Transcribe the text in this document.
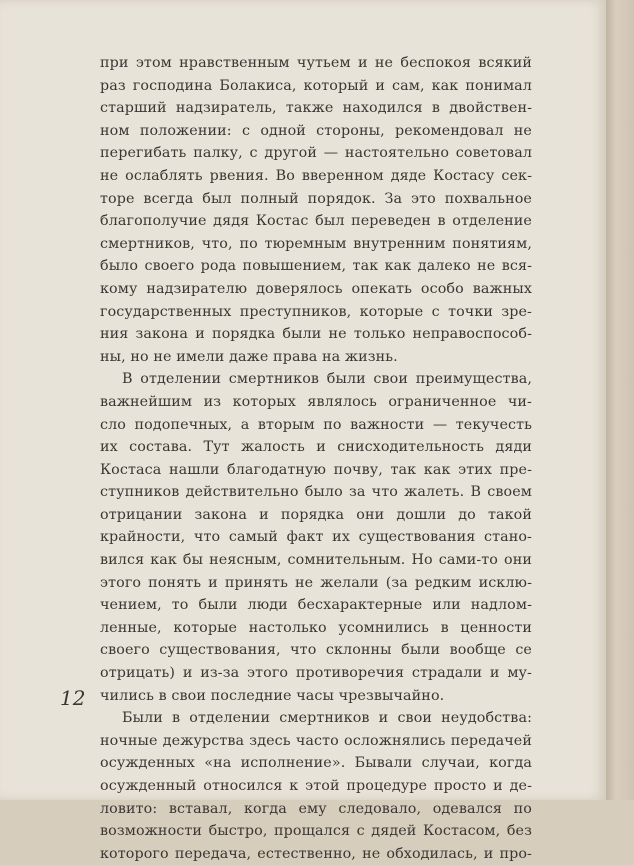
при этом нравственным чутьем и не беспокоя всякий
раз господина Болакиса, который и сам, как понимал
старший надзиратель, также находился в двойствен-
ном положении: с одной стороны, рекомендовал не
перегибать палку, с другой — настоятельно советовал
не ослаблять рвения. Во вверенном дяде Костасу сек-
торе всегда был полный порядок. За это похвальное
благополучие дядя Костас был переведен в отделение
смертников, что, по тюремным внутренним понятиям,
было своего рода повышением, так как далеко не вся-
кому надзирателю доверялось опекать особо важных
государственных преступников, которые с точки зре-
ния закона и порядка были не только неправоспособ-
ны, но не имели даже права на жизнь.
В отделении смертников были свои преимущества,
важнейшим из которых являлось ограниченное чи-
сло подопечных, а вторым по важности — текучесть
их состава. Тут жалость и снисходительность дяди
Костаса нашли благодатную почву, так как этих пре-
ступников действительно было за что жалеть. В своем
отрицании закона и порядка они дошли до такой
крайности, что самый факт их существования стано-
вился как бы неясным, сомнительным. Но сами-то они
этого понять и принять не желали (за редким исклю-
чением, то были люди бесхарактерные или надлом-
ленные, которые настолько усомнились в ценности
своего существования, что склонны были вообще се
отрицать) и из-за этого противоречия страдали и му-
чились в свои последние часы чрезвычайно.
Были в отделении смертников и свои неудобства:
ночные дежурства здесь часто осложнялись передачей
осужденных «на исполнение». Бывали случаи, когда
осужденный относился к этой процедуре просто и де-
ловито: вставал, когда ему следовало, одевался по
возможности быстро, прощался с дядей Костасом, без
которого передача, естественно, не обходилась, и про-
12
